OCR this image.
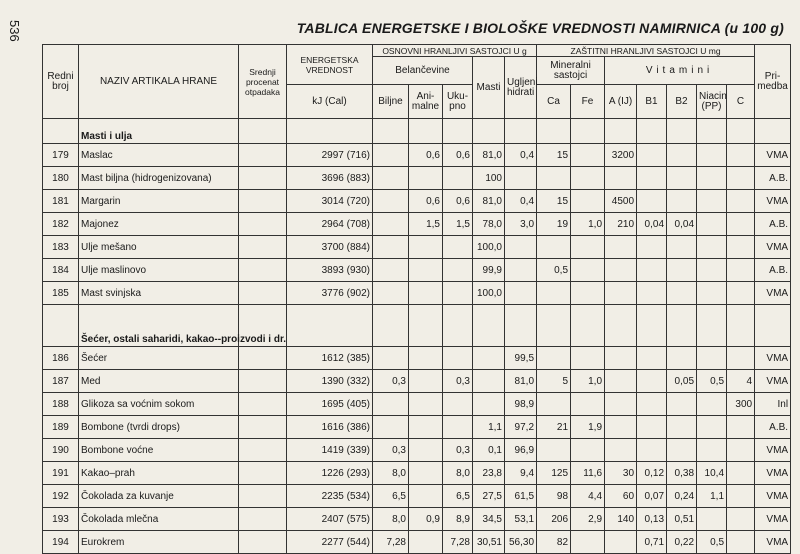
536	TABLICA ENERGETSKE I BIOLOŠKE VREDNOSTI NAMIRNICA (u 100 g)
Redni broj	NAZIV ARTIKALA HRANE	Srednji procenat otpadaka	ENERGETSKA VREDNOST	OSNOVNI HRANLJIVI SASTOJCI U g					ZAŠTITNI HRANLJIVI SASTOJCI U mg							Pri-medba
				Belančevine			Masti	Ugljeni hidrati	Mineralni sastojci		Vitamini					
			kJ (Cal)	Biljne	Ani-malne	Uku-pno			Ca	Fe	A (IJ)	B1	B2	Niacin (PP)	C	
	Masti i ulja															
179	Maslac		2997 (716)		0,6	0,6	81,0	0,4	15		3200					VMA
180	Mast biljna (hidrogenizovana)		3696 (883)				100									A.B.
181	Margarin		3014 (720)		0,6	0,6	81,0	0,4	15		4500					VMA
182	Majonez		2964 (708)		1,5	1,5	78,0	3,0	19	1,0	210	0,04	0,04			A.B.
183	Ulje mešano		3700 (884)				100,0									VMA
184	Ulje maslinovo		3893 (930)				99,9		0,5							A.B.
185	Mast svinjska		3776 (902)				100,0									VMA

	Šećer, ostali saharidi, kakao--proizvodi i dr.															
186	Šećer		1612 (385)					99,5								VMA
187	Med		1390 (332)	0,3		0,3		81,0	5	1,0			0,05	0,5	4	VMA
188	Glikoza sa voćnim sokom		1695 (405)					98,9							300	Inl
189	Bombone (tvrdi drops)		1616 (386)				1,1	97,2	21	1,9						A.B.
190	Bombone voćne		1419 (339)	0,3		0,3	0,1	96,9								VMA
191	Kakao–prah		1226 (293)	8,0		8,0	23,8	9,4	125	11,6	30	0,12	0,38	10,4		VMA
192	Čokolada za kuvanje		2235 (534)	6,5		6,5	27,5	61,5	98	4,4	60	0,07	0,24	1,1		VMA
193	Čokolada mlečna		2407 (575)	8,0	0,9	8,9	34,5	53,1	206	2,9	140	0,13	0,51			VMA
194	Eurokrem		2277 (544)	7,28		7,28	30,51	56,30	82			0,71	0,22	0,5		VMA
